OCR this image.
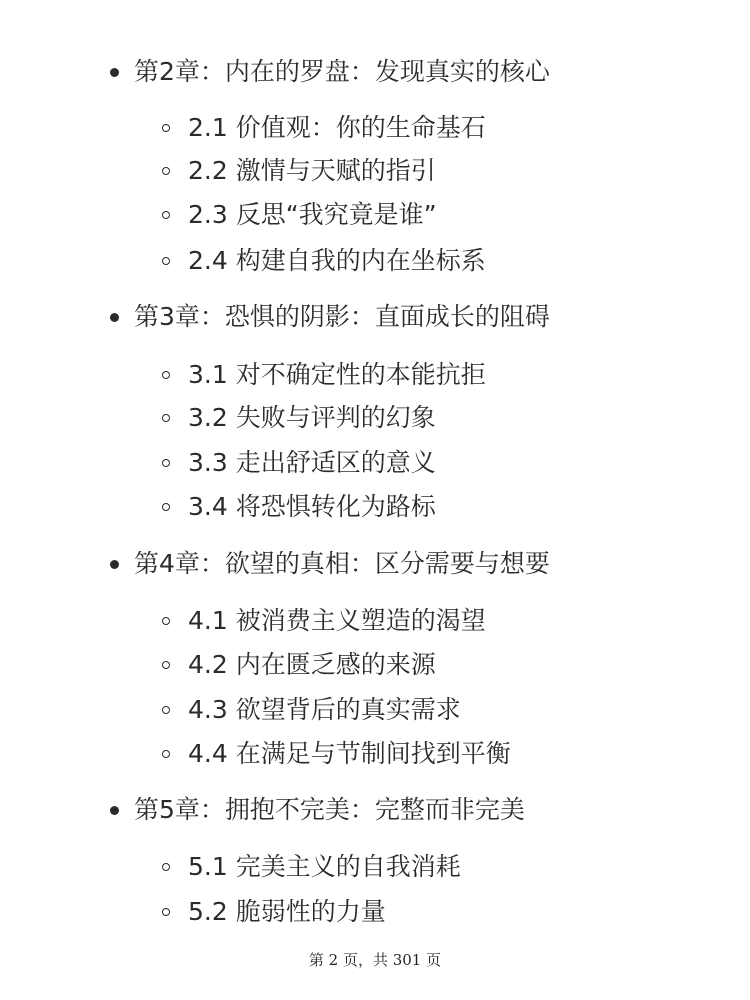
第2章：内在的罗盘：发现真实的核心
2.1 价值观：你的生命基石
2.2 激情与天赋的指引
2.3 反思“我究竟是谁”
2.4 构建自我的内在坐标系
第3章：恐惧的阴影：直面成长的阻碍
3.1 对不确定性的本能抗拒
3.2 失败与评判的幻象
3.3 走出舒适区的意义
3.4 将恐惧转化为路标
第4章：欲望的真相：区分需要与想要
4.1 被消费主义塑造的渴望
4.2 内在匮乏感的来源
4.3 欲望背后的真实需求
4.4 在满足与节制间找到平衡
第5章：拥抱不完美：完整而非完美
5.1 完美主义的自我消耗
5.2 脆弱性的力量
第 2 页，共 301 页
